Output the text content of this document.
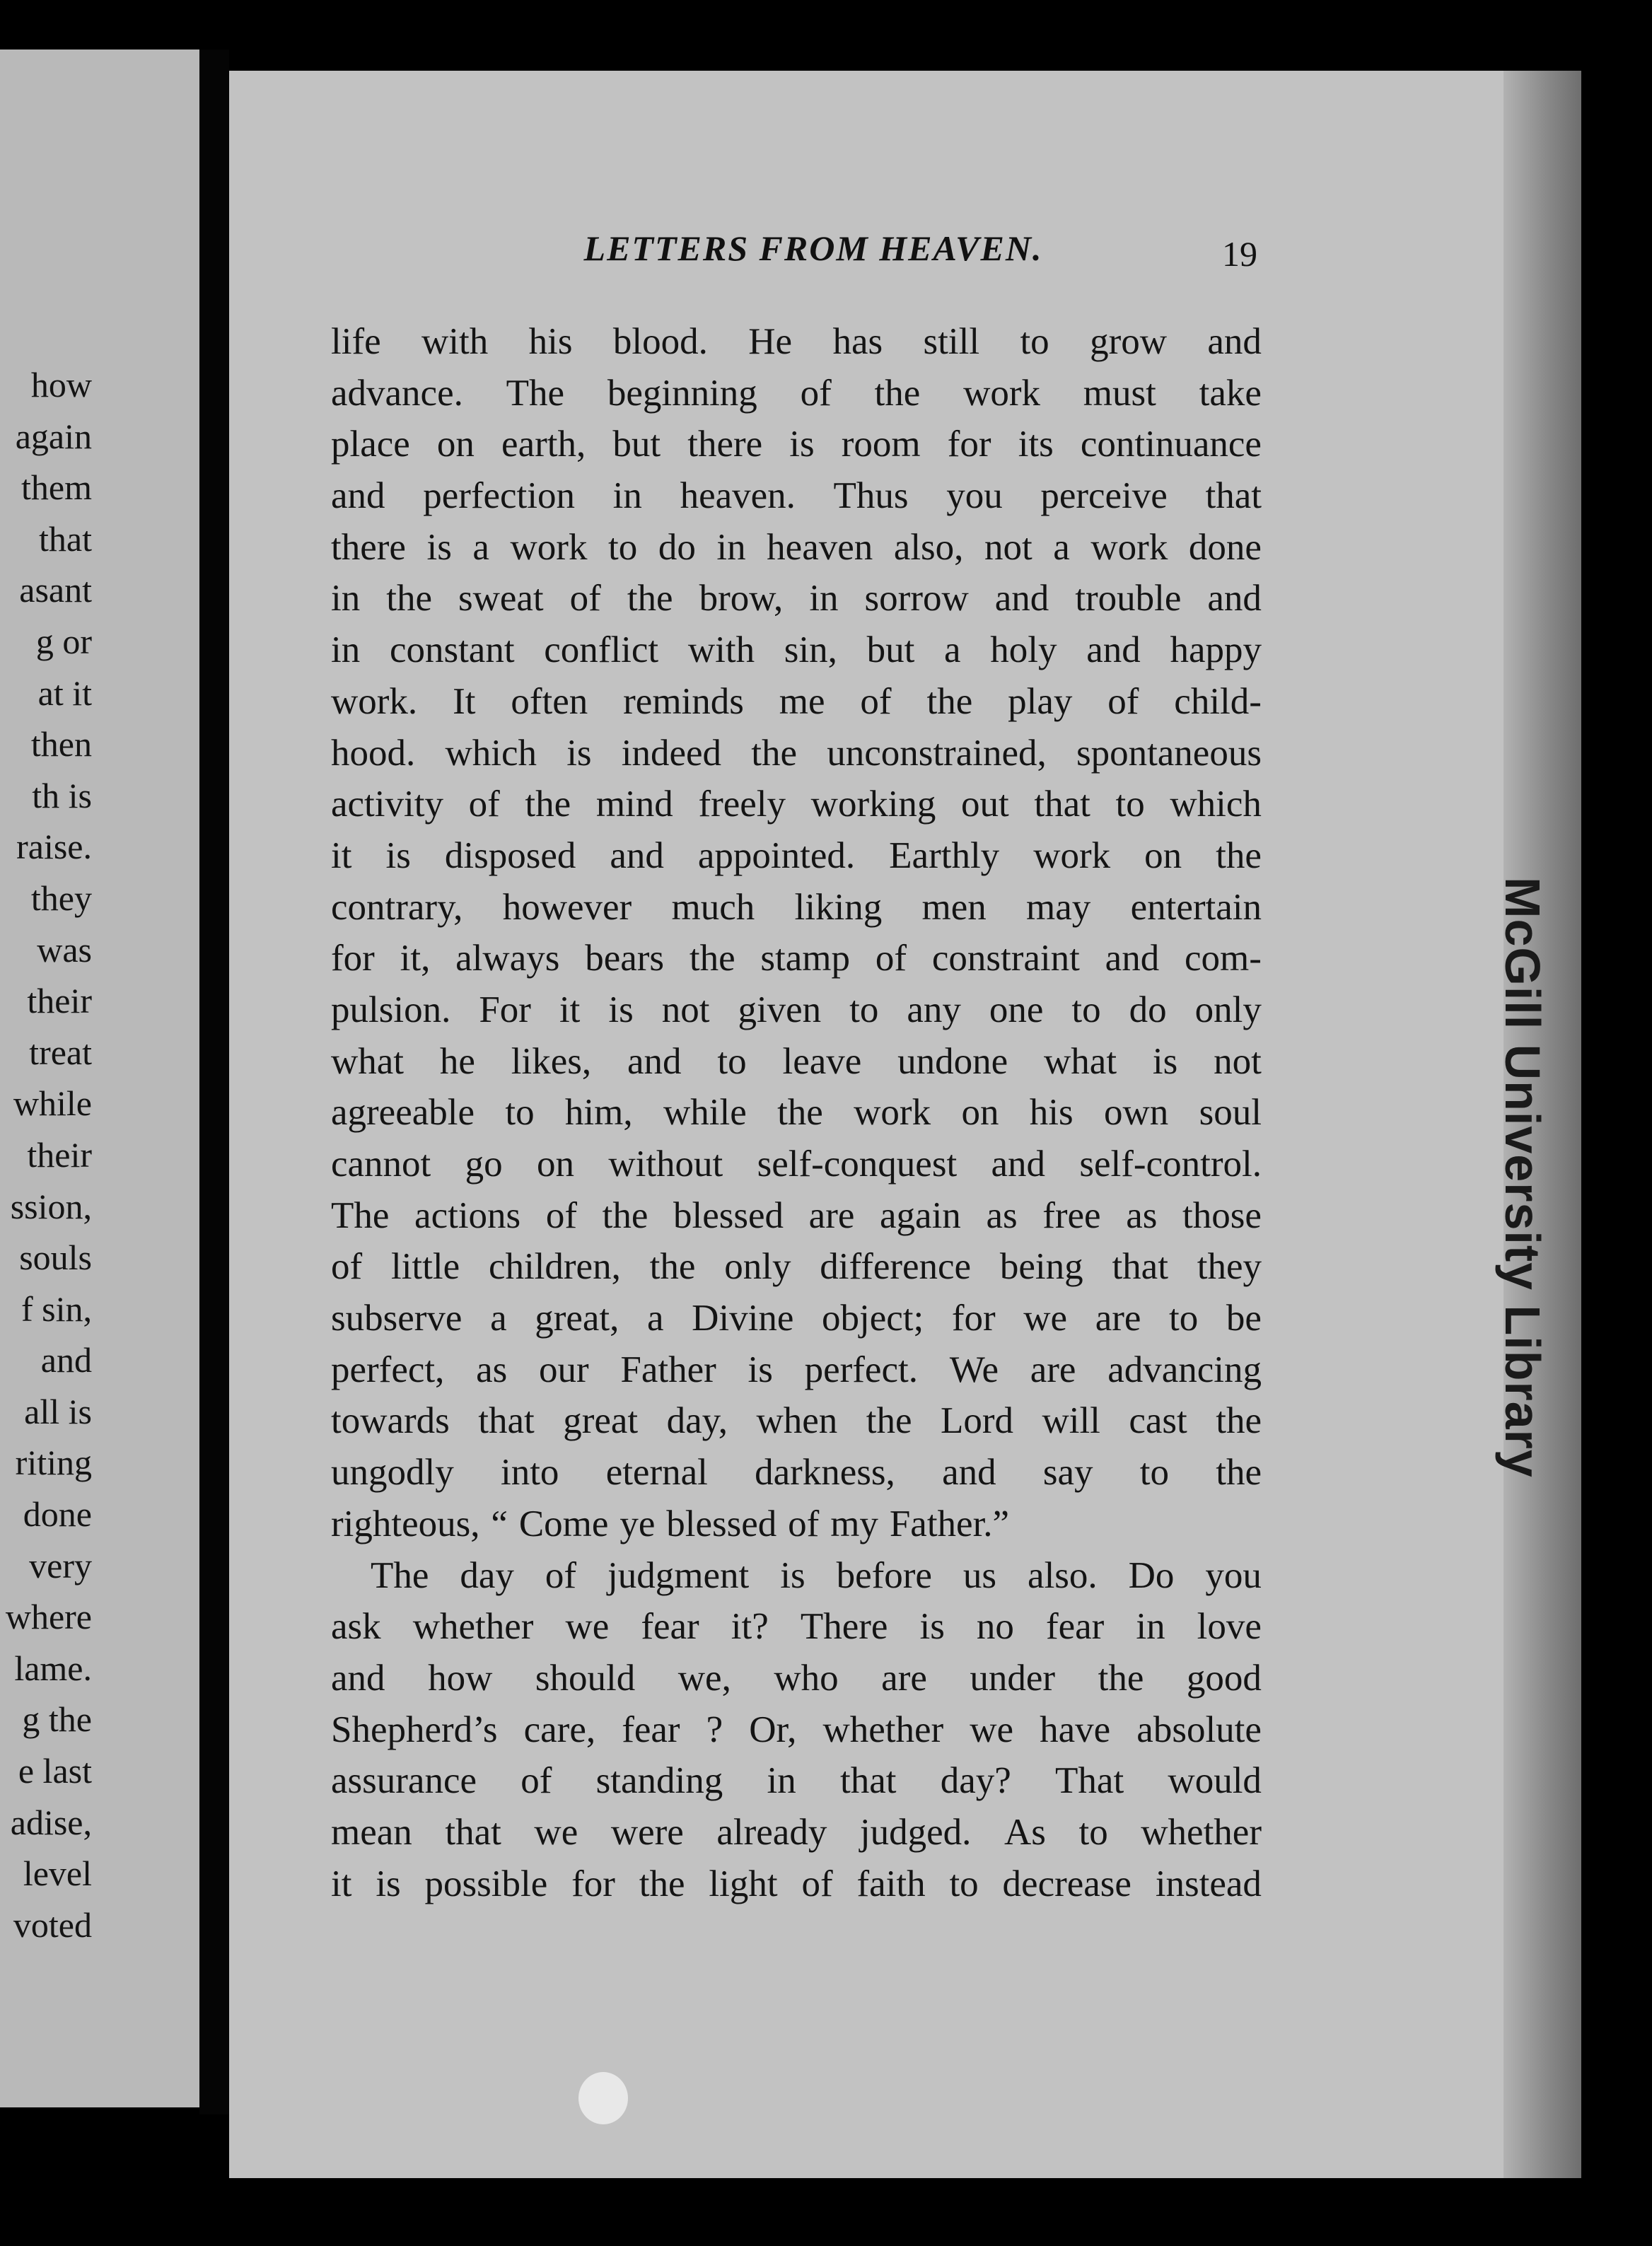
how
again
them
that
asant
g or
at it
then
th is
raise.
they
was
their
treat
while
their
ssion,
souls
f sin,
and
all is
riting
done
very
where
lame.
g the
e last
adise,
level
voted
McGill University Library
LETTERS FROM HEAVEN.	19
life with his blood. He has still to grow and
advance. The beginning of the work must take
place on earth, but there is room for its continuance
and perfection in heaven. Thus you perceive that
there is a work to do in heaven also, not a work done
in the sweat of the brow, in sorrow and trouble and
in constant conflict with sin, but a holy and happy
work. It often reminds me of the play of child-
hood. which is indeed the unconstrained, spontaneous
activity of the mind freely working out that to which
it is disposed and appointed. Earthly work on the
contrary, however much liking men may entertain
for it, always bears the stamp of constraint and com-
pulsion. For it is not given to any one to do only
what he likes, and to leave undone what is not
agreeable to him, while the work on his own soul
cannot go on without self-conquest and self-control.
The actions of the blessed are again as free as those
of little children, the only difference being that they
subserve a great, a Divine object; for we are to be
perfect, as our Father is perfect. We are advancing
towards that great day, when the Lord will cast the
ungodly into eternal darkness, and say to the
righteous, “ Come ye blessed of my Father.”
The day of judgment is before us also. Do you
ask whether we fear it? There is no fear in love
and how should we, who are under the good
Shepherd’s care, fear ? Or, whether we have absolute
assurance of standing in that day? That would
mean that we were already judged. As to whether
it is possible for the light of faith to decrease instead
